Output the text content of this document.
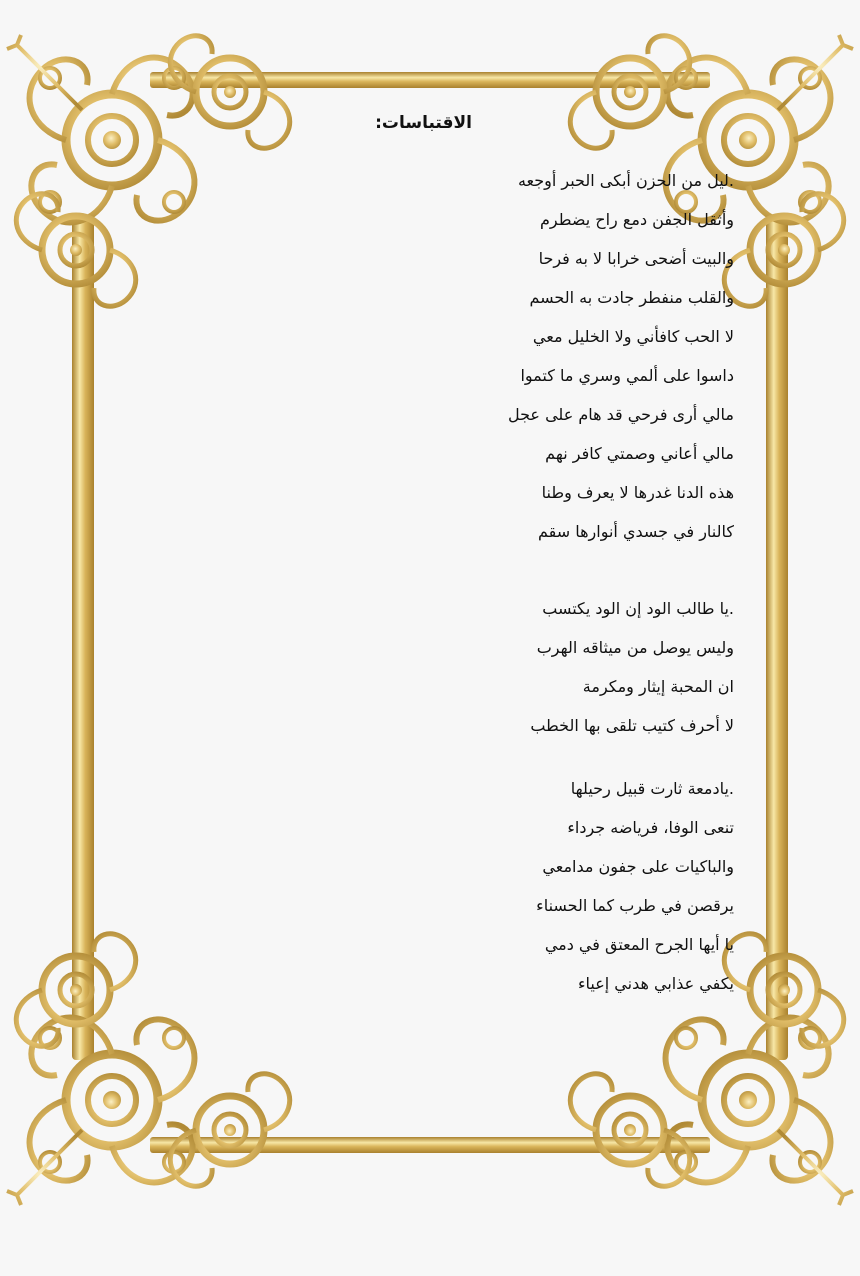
الاقتباسات:
.ليل من الحزن أبكى الحبر أوجعه
وأثقل الجفن دمع راح يضطرم
والبيت أضحى خرابا لا به فرحا
والقلب منفطر جادت به الحسم
لا الحب كافأني ولا الخليل معي
داسوا على ألمي وسري ما كتموا
مالي أرى فرحي قد هام على عجل
مالي أعاني وصمتي كافر نهم
هذه الدنا غدرها لا يعرف وطنا
كالنار في جسدي أنوارها سقم
.يا طالب الود إن الود يكتسب
وليس يوصل من ميثاقه الهرب
ان المحبة إيثار ومكرمة
لا أحرف كتيب تلقى بها الخطب
.يادمعة ثارت قبيل رحيلها
تنعى الوفا، فرياضه جرداء
والباكيات على جفون مدامعي
يرقصن في طرب كما الحسناء
يا أيها الجرح المعتق في دمي
يكفي عذابي هدني إعياء
